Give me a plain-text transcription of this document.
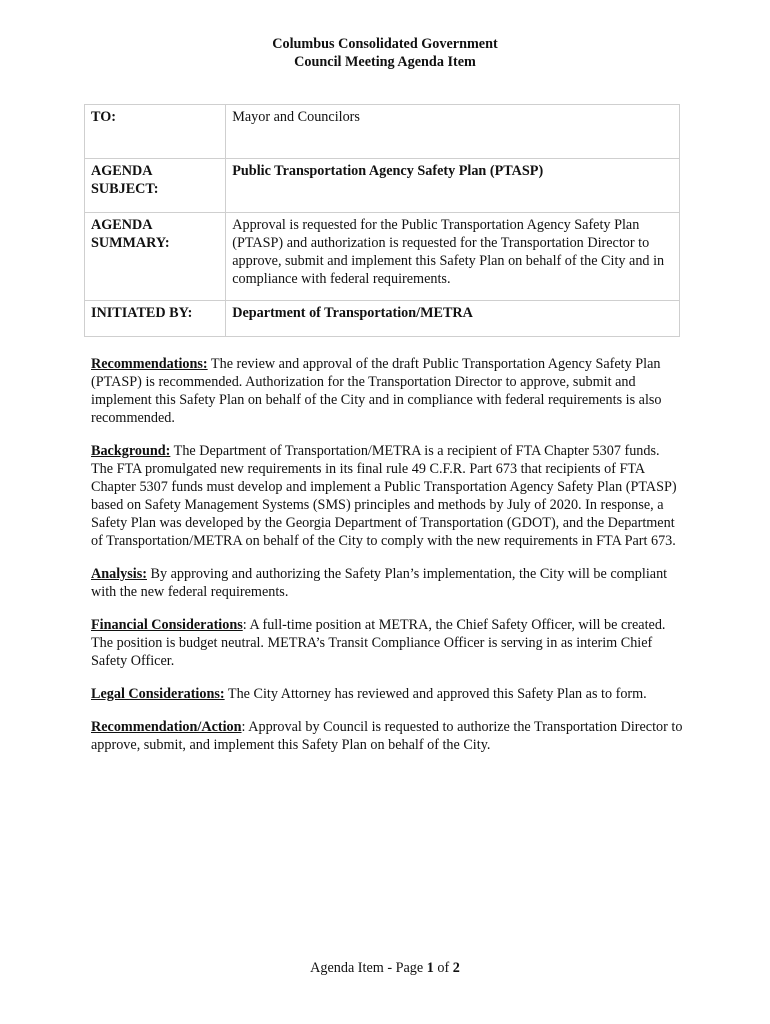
Columbus Consolidated Government
Council Meeting Agenda Item
TO:	Mayor and Councilors
AGENDA SUBJECT:	Public Transportation Agency Safety Plan (PTASP)
AGENDA SUMMARY:	Approval is requested for the Public Transportation Agency Safety Plan (PTASP) and authorization is requested for the Transportation Director to approve, submit and implement this Safety Plan on behalf of the City and in compliance with federal requirements.
INITIATED BY:	Department of Transportation/METRA

Recommendations: The review and approval of the draft Public Transportation Agency Safety Plan (PTASP) is recommended. Authorization for the Transportation Director to approve, submit and implement this Safety Plan on behalf of the City and in compliance with federal requirements is also recommended.

Background: The Department of Transportation/METRA is a recipient of FTA Chapter 5307 funds. The FTA promulgated new requirements in its final rule 49 C.F.R. Part 673 that recipients of FTA Chapter 5307 funds must develop and implement a Public Transportation Agency Safety Plan (PTASP) based on Safety Management Systems (SMS) principles and methods by July of 2020. In response, a Safety Plan was developed by the Georgia Department of Transportation (GDOT), and the Department of Transportation/METRA on behalf of the City to comply with the new requirements in FTA Part 673.

Analysis: By approving and authorizing the Safety Plan’s implementation, the City will be compliant with the new federal requirements.

Financial Considerations: A full-time position at METRA, the Chief Safety Officer, will be created. The position is budget neutral. METRA’s Transit Compliance Officer is serving in as interim Chief Safety Officer.

Legal Considerations: The City Attorney has reviewed and approved this Safety Plan as to form.

Recommendation/Action: Approval by Council is requested to authorize the Transportation Director to approve, submit, and implement this Safety Plan on behalf of the City.

Agenda Item - Page 1 of 2
